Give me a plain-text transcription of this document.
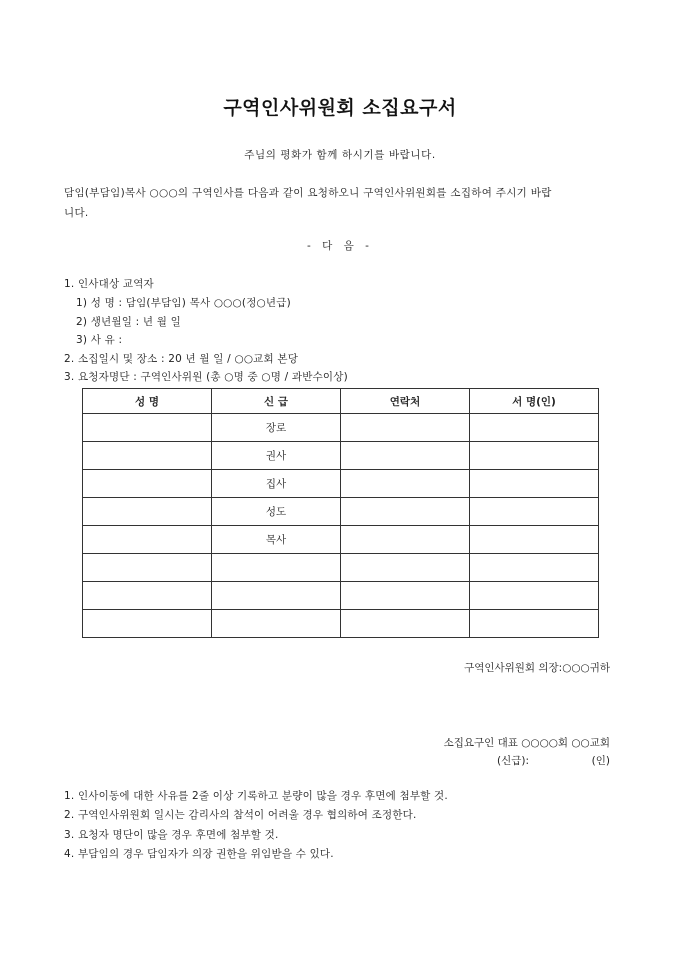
구역인사위원회 소집요구서
주님의 평화가 함께 하시기를 바랍니다.
담임(부담임)목사 ○○○의 구역인사를 다음과 같이 요청하오니 구역인사위원회를 소집하여 주시기 바랍
니다.
- 다 음 -
1. 인사대상 교역자
1) 성 명 : 담임(부담임) 목사 ○○○(정○년급)
2) 생년월일 : 년 월 일
3) 사 유 :
2. 소집일시 및 장소 : 20 년 월 일 / ○○교회 본당
3. 요청자명단 : 구역인사위원 (총 ○명 중 ○명 / 과반수이상)
성 명	신 급	연락처	서 명(인)
	장로		
	권사		
	집사		
	성도		
	목사		

구역인사위원회 의장:○○○귀하
소집요구인 대표 ○○○○회 ○○교회
(신급):	(인)
1. 인사이동에 대한 사유를 2줄 이상 기록하고 분량이 많을 경우 후면에 첨부할 것.
2. 구역인사위원회 일시는 감리사의 참석이 어려울 경우 협의하여 조정한다.
3. 요청자 명단이 많을 경우 후면에 첨부할 것.
4. 부담임의 경우 담임자가 의장 권한을 위임받을 수 있다.
